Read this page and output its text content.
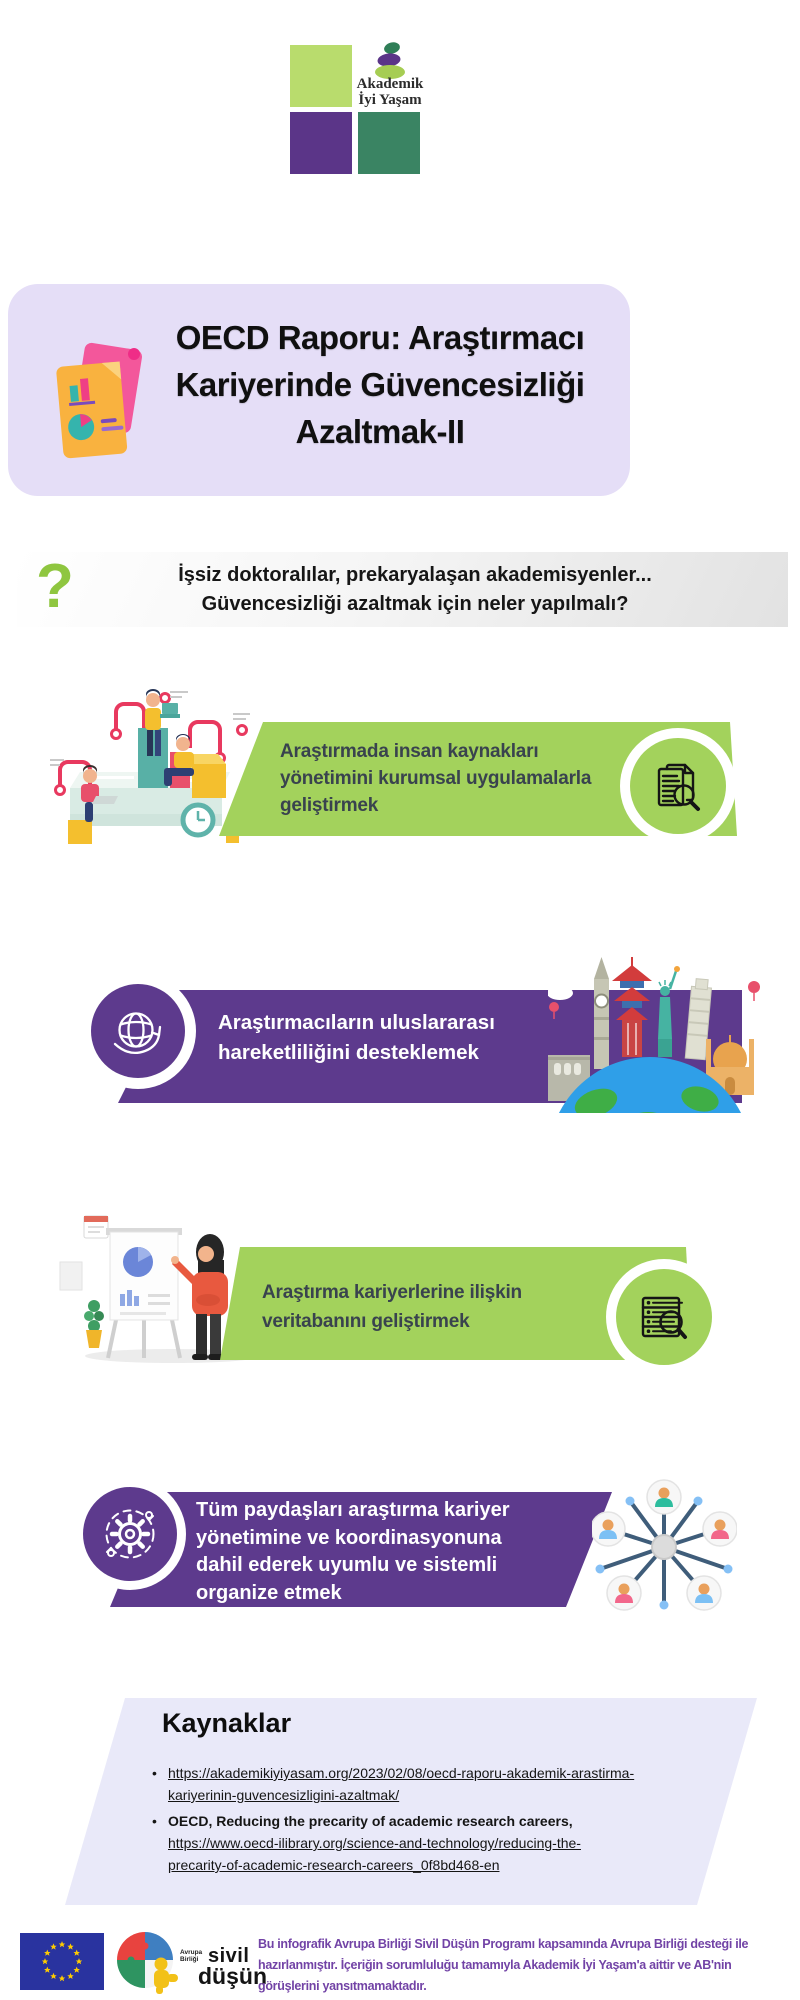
Akademik
İyi Yaşam
OECD Raporu: Araştırmacı
Kariyerinde Güvencesizliği
Azaltmak-II
?	İşsiz doktoralılar, prekaryalaşan akademisyenler...
Güvencesizliği azaltmak için neler yapılmalı?
Araştırmada insan kaynakları
yönetimini kurumsal uygulamalarla
geliştirmek
Araştırmacıların uluslararası
hareketliliğini desteklemek
Araştırma kariyerlerine ilişkin
veritabanını geliştirmek
Tüm paydaşları araştırma kariyer
yönetimine ve koordinasyonuna
dahil ederek uyumlu ve sistemli
organize etmek
Kaynaklar
• https://akademikiyiyasam.org/2023/02/08/oecd-raporu-akademik-arastirma-
kariyerinin-guvencesizligini-azaltmak/
• OECD, Reducing the precarity of academic research careers,
https://www.oecd-ilibrary.org/science-and-technology/reducing-the-
precarity-of-academic-research-careers_0f8bd468-en
Avrupa
Birliği sivil
düşün
Bu infografik Avrupa Birliği Sivil Düşün Programı kapsamında Avrupa Birliği desteği ile
hazırlanmıştır. İçeriğin sorumluluğu tamamıyla Akademik İyi Yaşam'a aittir ve AB'nin
görüşlerini yansıtmamaktadır.
